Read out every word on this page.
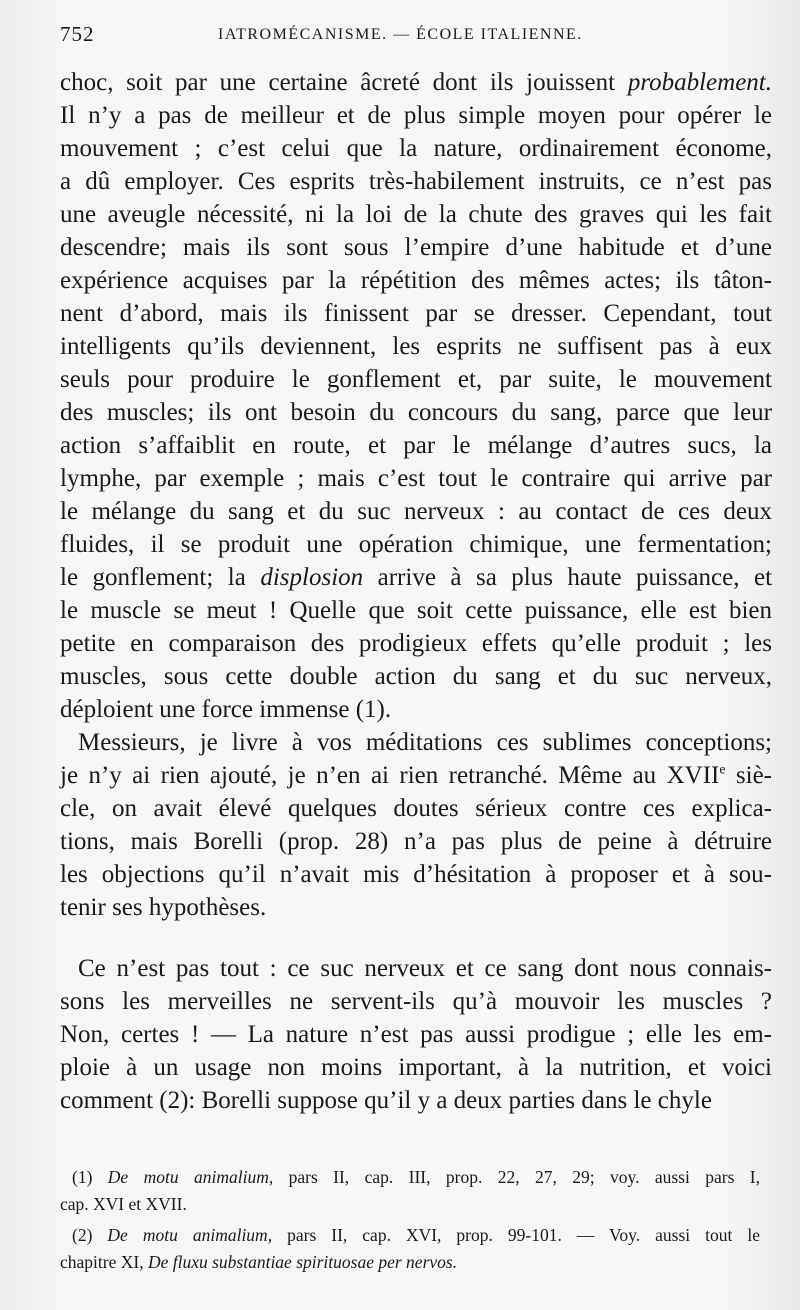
752	IATROMÉCANISME. — ÉCOLE ITALIENNE.
choc, soit par une certaine âcreté dont ils jouissent probablement.
Il n’y a pas de meilleur et de plus simple moyen pour opérer le
mouvement ; c’est celui que la nature, ordinairement économe,
a dû employer. Ces esprits très-habilement instruits, ce n’est pas
une aveugle nécessité, ni la loi de la chute des graves qui les fait
descendre; mais ils sont sous l’empire d’une habitude et d’une
expérience acquises par la répétition des mêmes actes; ils tâton-
nent d’abord, mais ils finissent par se dresser. Cependant, tout
intelligents qu’ils deviennent, les esprits ne suffisent pas à eux
seuls pour produire le gonflement et, par suite, le mouvement
des muscles; ils ont besoin du concours du sang, parce que leur
action s’affaiblit en route, et par le mélange d’autres sucs, la
lymphe, par exemple ; mais c’est tout le contraire qui arrive par
le mélange du sang et du suc nerveux : au contact de ces deux
fluides, il se produit une opération chimique, une fermentation;
le gonflement; la displosion arrive à sa plus haute puissance, et
le muscle se meut ! Quelle que soit cette puissance, elle est bien
petite en comparaison des prodigieux effets qu’elle produit ; les
muscles, sous cette double action du sang et du suc nerveux,
déploient une force immense (1).
Messieurs, je livre à vos méditations ces sublimes conceptions;
je n’y ai rien ajouté, je n’en ai rien retranché. Même au XVIIe siè-
cle, on avait élevé quelques doutes sérieux contre ces explica-
tions, mais Borelli (prop. 28) n’a pas plus de peine à détruire
les objections qu’il n’avait mis d’hésitation à proposer et à sou-
tenir ses hypothèses.
Ce n’est pas tout : ce suc nerveux et ce sang dont nous connais-
sons les merveilles ne servent-ils qu’à mouvoir les muscles ?
Non, certes ! — La nature n’est pas aussi prodigue ; elle les em-
ploie à un usage non moins important, à la nutrition, et voici
comment (2): Borelli suppose qu’il y a deux parties dans le chyle
(1) De motu animalium, pars II, cap. III, prop. 22, 27, 29; voy. aussi pars I,
cap. XVI et XVII.
(2) De motu animalium, pars II, cap. XVI, prop. 99-101. — Voy. aussi tout le
chapitre XI, De fluxu substantiae spirituosae per nervos.
